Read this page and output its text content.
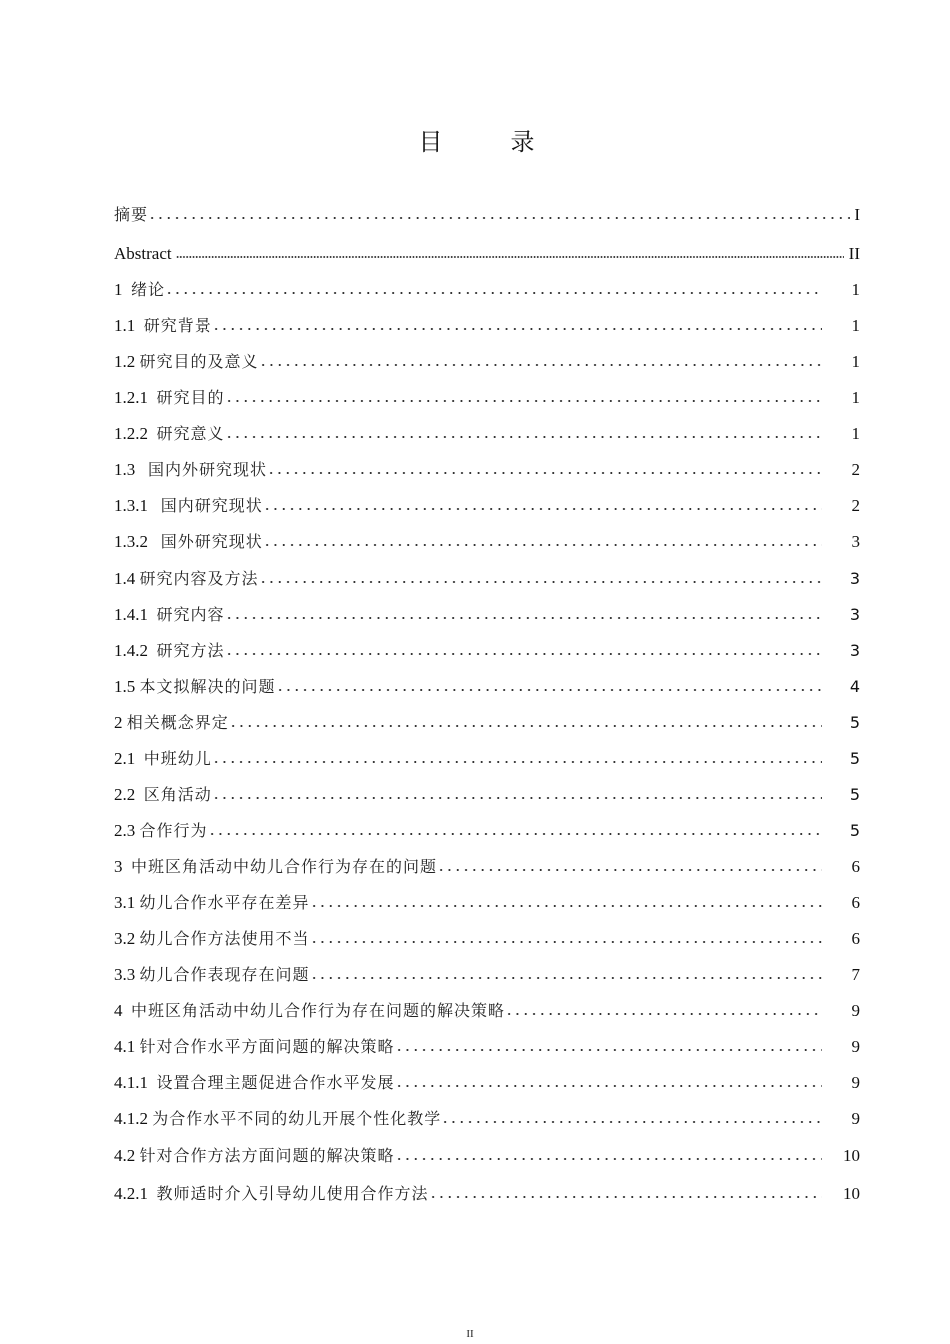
目　录
摘要	I
Abstract	II
1 绪论	1
1.1 研究背景	1
1.2 研究目的及意义	1
1.2.1 研究目的	1
1.2.2 研究意义	1
1.3 国内外研究现状	2
1.3.1 国内研究现状	2
1.3.2 国外研究现状	3
1.4 研究内容及方法	3
1.4.1 研究内容	3
1.4.2 研究方法	3
1.5 本文拟解决的问题	4
2 相关概念界定	5
2.1 中班幼儿	5
2.2 区角活动	5
2.3 合作行为	5
3 中班区角活动中幼儿合作行为存在的问题	6
3.1 幼儿合作水平存在差异	6
3.2 幼儿合作方法使用不当	6
3.3 幼儿合作表现存在问题	7
4 中班区角活动中幼儿合作行为存在问题的解决策略	9
4.1 针对合作水平方面问题的解决策略	9
4.1.1 设置合理主题促进合作水平发展	9
4.1.2 为合作水平不同的幼儿开展个性化教学	9
4.2 针对合作方法方面问题的解决策略	10
4.2.1 教师适时介入引导幼儿使用合作方法	10
II
